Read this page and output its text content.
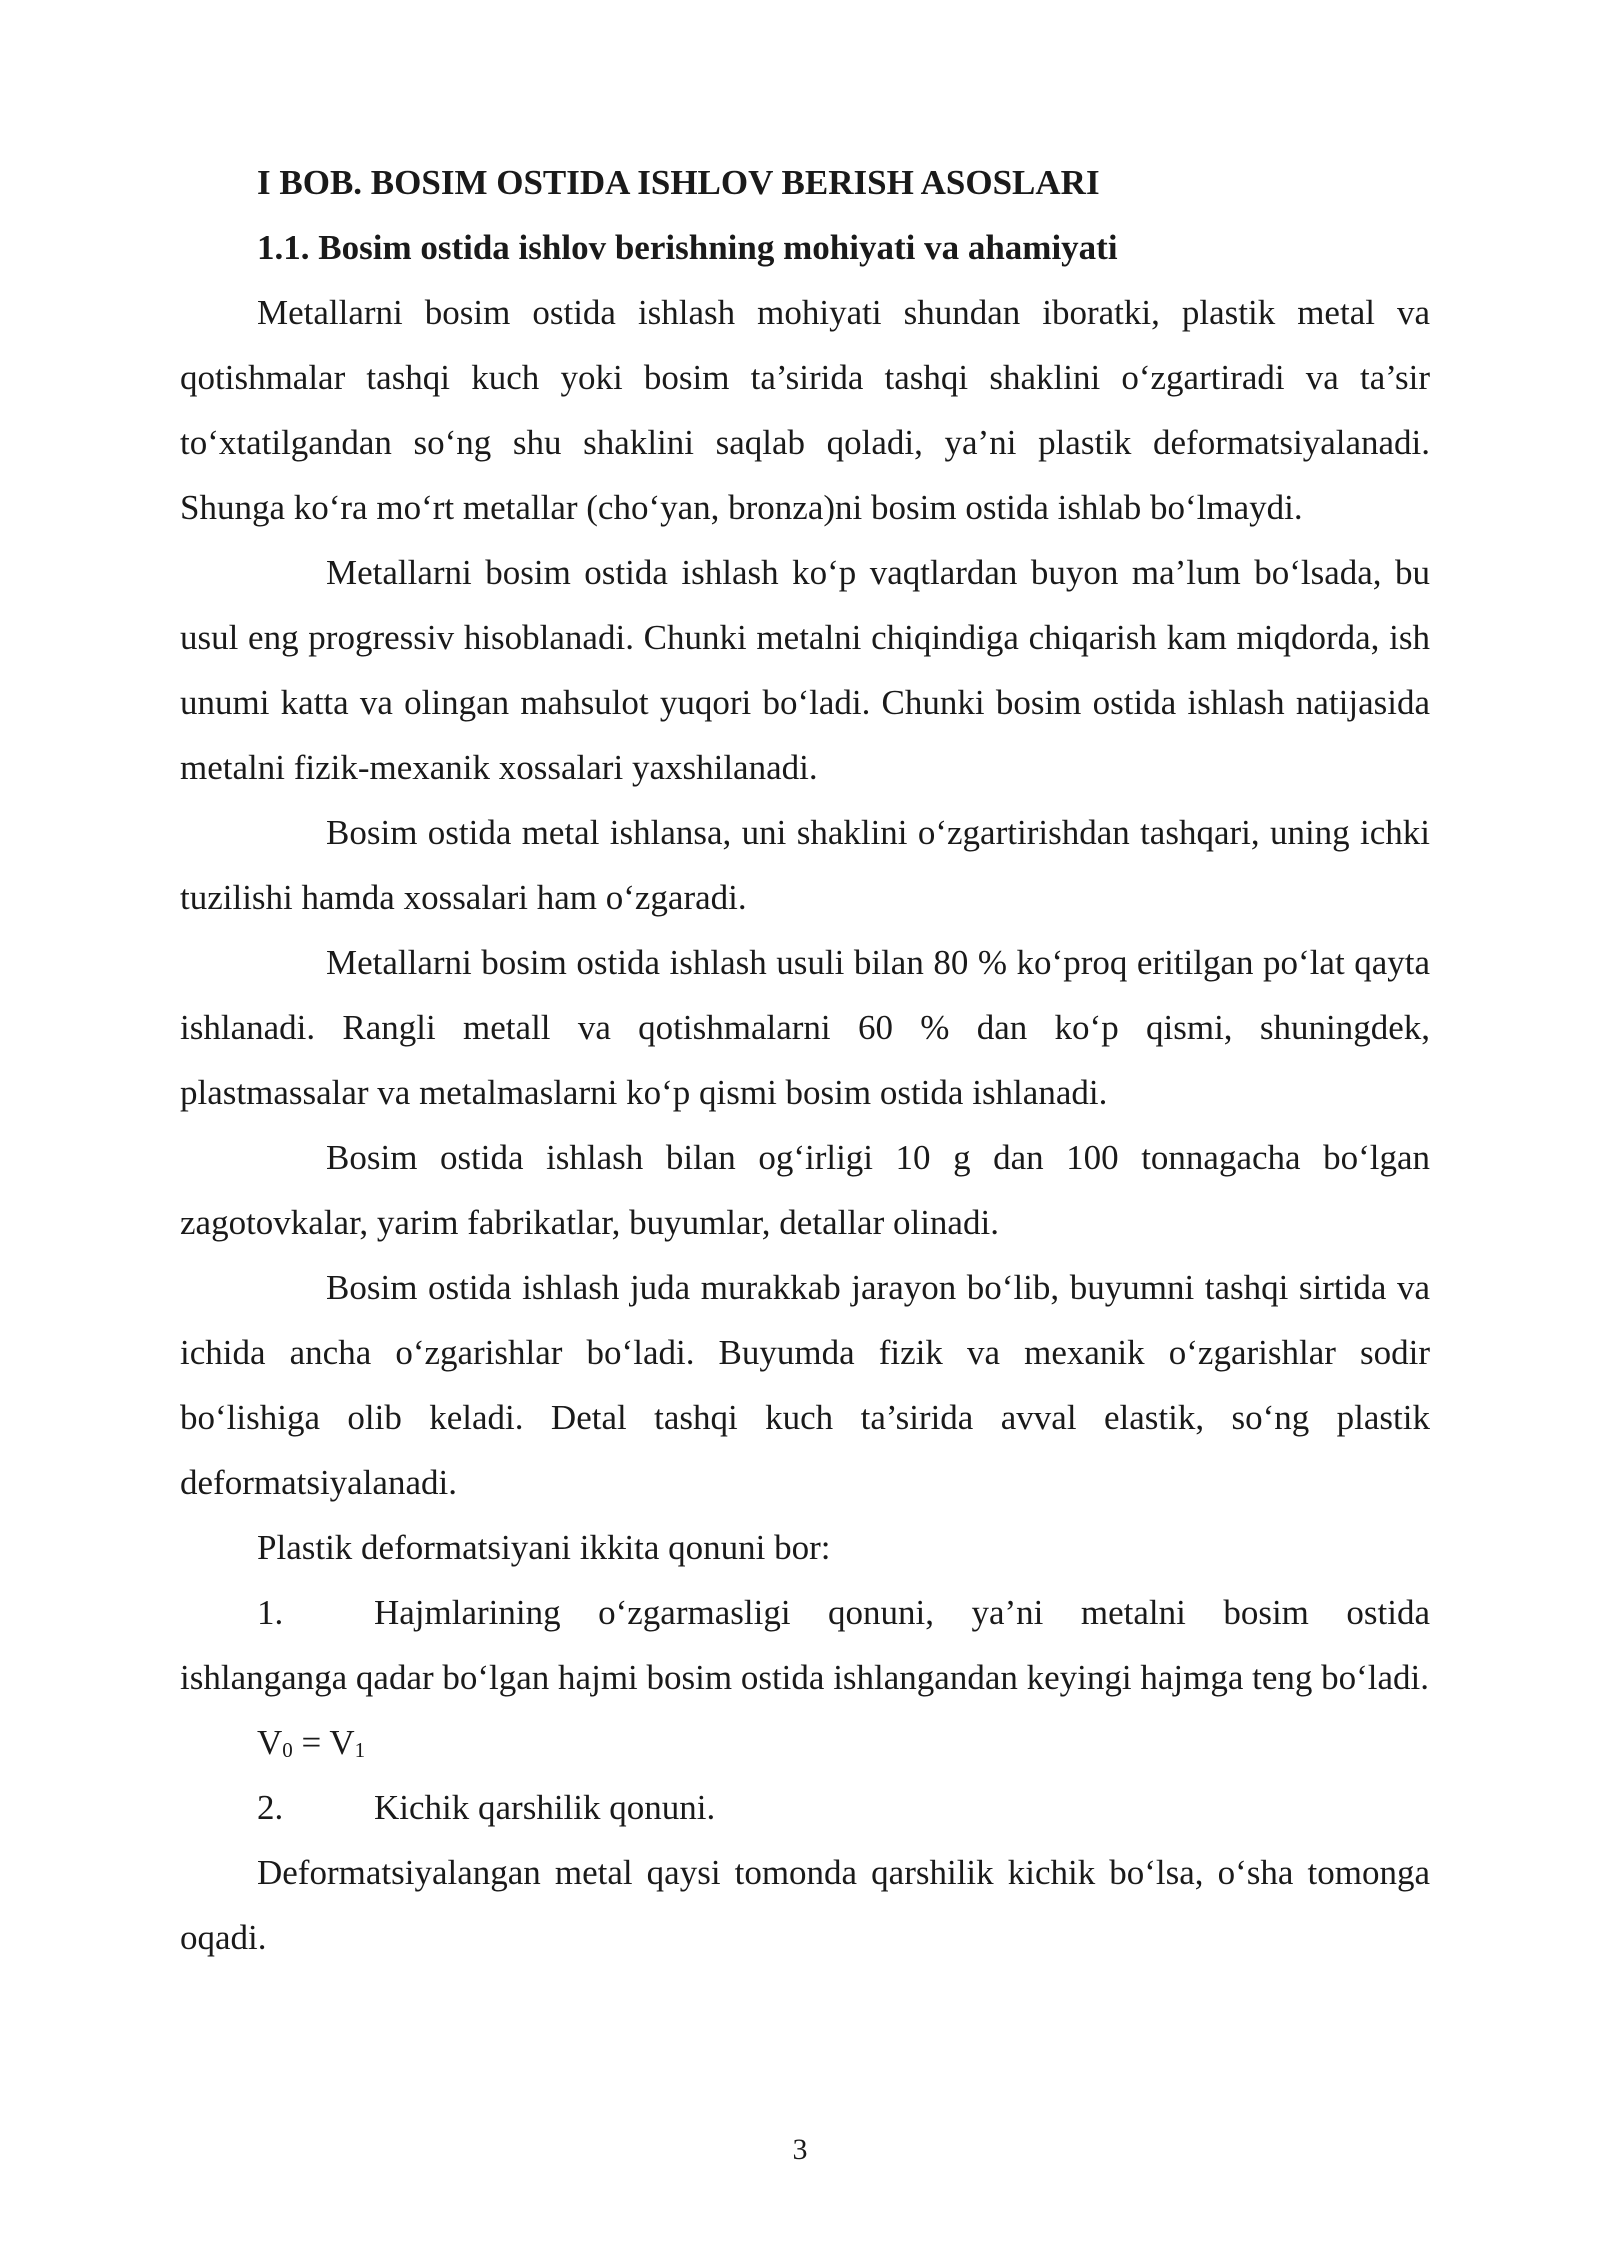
I BOB. BOSIM OSTIDA ISHLOV BERISH ASOSLARI

1.1. Bosim ostida ishlov berishning mohiyati va ahamiyati

Metallarni bosim ostida ishlash mohiyati shundan iboratki, plastik metal va qotishmalar tashqi kuch yoki bosim ta’sirida tashqi shaklini o‘zgartiradi va ta’sir to‘xtatilgandan so‘ng shu shaklini saqlab qoladi, ya’ni plastik deformatsiyalanadi. Shunga ko‘ra mo‘rt metallar (cho‘yan, bronza)ni bosim ostida ishlab bo‘lmaydi.

Metallarni bosim ostida ishlash ko‘p vaqtlardan buyon ma’lum bo‘lsada, bu usul eng progressiv hisoblanadi. Chunki metalni chiqindiga chiqarish kam miqdorda, ish unumi katta va olingan mahsulot yuqori bo‘ladi. Chunki bosim ostida ishlash natijasida metalni fizik-mexanik xossalari yaxshilanadi.

Bosim ostida metal ishlansa, uni shaklini o‘zgartirishdan tashqari, uning ichki tuzilishi hamda xossalari ham o‘zgaradi.

Metallarni bosim ostida ishlash usuli bilan 80 % ko‘proq eritilgan po‘lat qayta ishlanadi. Rangli metall va qotishmalarni 60 % dan ko‘p qismi, shuningdek, plastmassalar va metalmaslarni ko‘p qismi bosim ostida ishlanadi.

Bosim ostida ishlash bilan og‘irligi 10 g dan 100 tonnagacha bo‘lgan zagotovkalar, yarim fabrikatlar, buyumlar, detallar olinadi.

Bosim ostida ishlash juda murakkab jarayon bo‘lib, buyumni tashqi sirtida va ichida ancha o‘zgarishlar bo‘ladi. Buyumda fizik va mexanik o‘zgarishlar sodir bo‘lishiga olib keladi. Detal tashqi kuch ta’sirida avval elastik, so‘ng plastik deformatsiyalanadi.

Plastik deformatsiyani ikkita qonuni bor:

1.	Hajmlarining o‘zgarmasligi qonuni, ya’ni metalni bosim ostida ishlanganga qadar bo‘lgan hajmi bosim ostida ishlangandan keyingi hajmga teng bo‘ladi.

$V_0 = V_1$

2.	Kichik qarshilik qonuni.

Deformatsiyalangan metal qaysi tomonda qarshilik kichik bo‘lsa, o‘sha tomonga oqadi.

3
